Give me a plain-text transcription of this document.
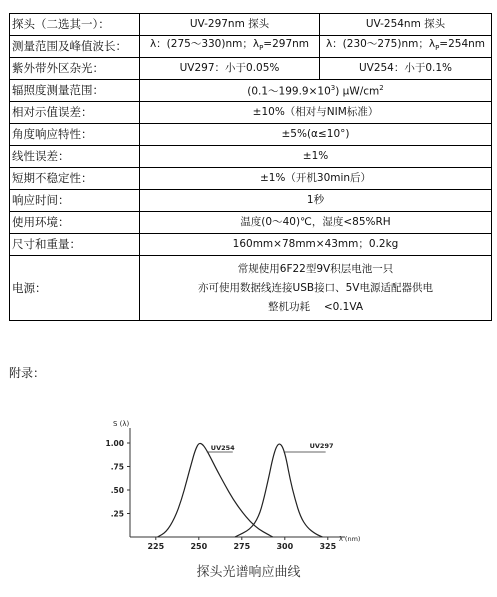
探头（二选其一）：	UV-297nm 探头	UV-254nm 探头
测量范围及峰值波长：	λ：(275～330)nm；$\lambda_P=297nm$	λ：(230～275)nm；$\lambda_P=254nm$
紫外带外区杂光：	UV297：小于0.05%	UV254：小于0.1%
辐照度测量范围：	$(0.1\sim 199.9\times 10^3)$ $\mu W/cm^2$
相对示值误差：	±10%（相对与NIM标准）	
角度响应特性：	±5%(α≤10°)	
线性误差：	±1%	
短期不稳定性：	±1%（开机30min后）	
响应时间：	1秒	
使用环境：	温度(0～40)℃，湿度<85%RH	
尺寸和重量：	160mm×78mm×43mm；0.2kg	
电源：	常规使用6F22型9V积层电池一只
亦可使用数据线连接USB接口、5V电源适配器供电
整机功耗　 <0.1VA	
附录：
S (λ)
λ (nm)
225	250	275	300	325
1.00
.75
.50
.25
UV254	UV297
探头光谱响应曲线
